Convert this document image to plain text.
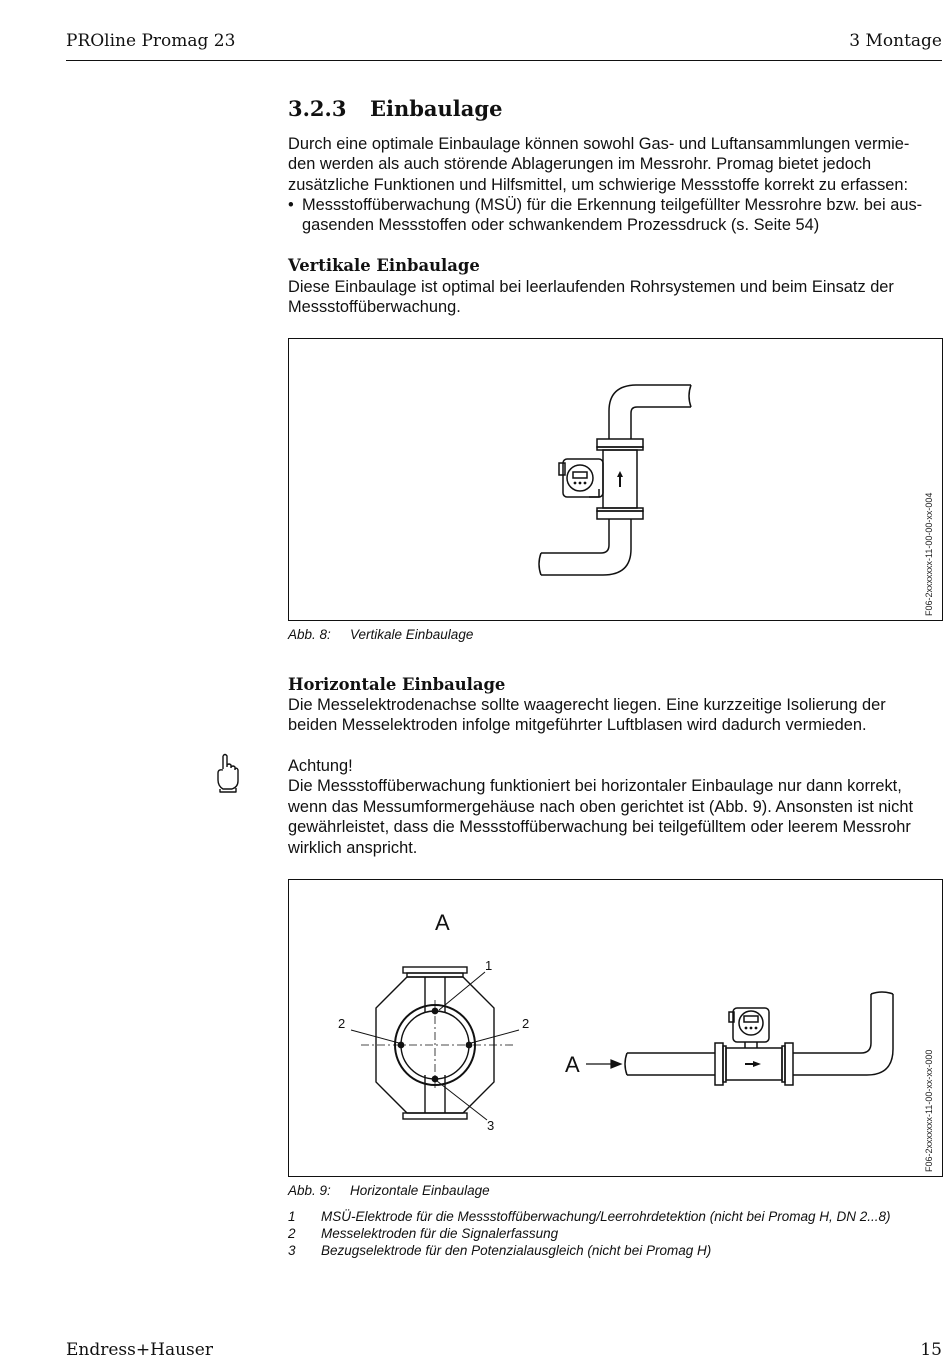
PROline Promag 23	3 Montage
3.2.3 Einbaulage
Durch eine optimale Einbaulage können sowohl Gas- und Luftansammlungen vermie-
den werden als auch störende Ablagerungen im Messrohr. Promag bietet jedoch
zusätzliche Funktionen und Hilfsmittel, um schwierige Messstoffe korrekt zu erfassen:
• Messstoffüberwachung (MSÜ) für die Erkennung teilgefüllter Messrohre bzw. bei aus-
gasenden Messstoffen oder schwankendem Prozessdruck (s. Seite 54)
Vertikale Einbaulage
Diese Einbaulage ist optimal bei leerlaufenden Rohrsystemen und beim Einsatz der
Messstoffüberwachung.
F06-2xxxxxxx-11-00-00-xx-004
Abb. 8: Vertikale Einbaulage
Horizontale Einbaulage
Die Messelektrodenachse sollte waagerecht liegen. Eine kurzzeitige Isolierung der
beiden Messelektroden infolge mitgeführter Luftblasen wird dadurch vermieden.
Achtung!
Die Messstoffüberwachung funktioniert bei horizontaler Einbaulage nur dann korrekt,
wenn das Messumformergehäuse nach oben gerichtet ist (Abb. 9). Ansonsten ist nicht
gewährleistet, dass die Messstoffüberwachung bei teilgefülltem oder leerem Messrohr
wirklich anspricht.
A
1
2	2
3
A	F06-2xxxxxxx-11-00-xx-xx-000
Abb. 9: Horizontale Einbaulage
1 MSÜ-Elektrode für die Messstoffüberwachung/Leerrohrdetektion (nicht bei Promag H, DN 2...8)
2 Messelektroden für die Signalerfassung
3 Bezugselektrode für den Potenzialausgleich (nicht bei Promag H)
Endress+Hauser	15
